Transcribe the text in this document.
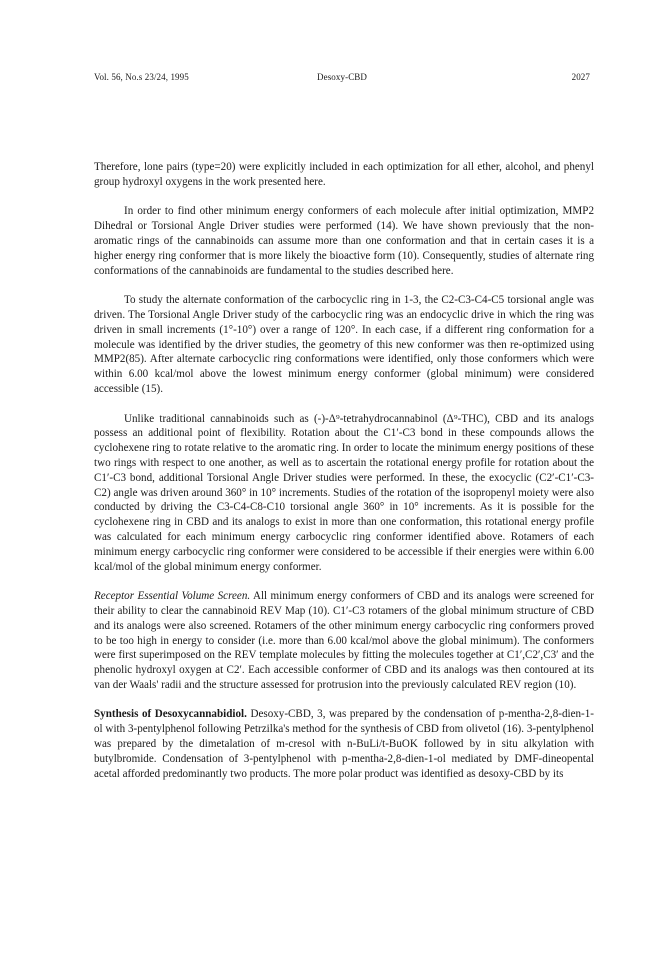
Vol. 56, No.s 23/24, 1995	Desoxy-CBD	2027

Therefore, lone pairs (type=20) were explicitly included in each optimization for all ether, alcohol, and phenyl group hydroxyl oxygens in the work presented here.

In order to find other minimum energy conformers of each molecule after initial optimization, MMP2 Dihedral or Torsional Angle Driver studies were performed (14). We have shown previously that the non-aromatic rings of the cannabinoids can assume more than one conformation and that in certain cases it is a higher energy ring conformer that is more likely the bioactive form (10). Consequently, studies of alternate ring conformations of the cannabinoids are fundamental to the studies described here.

To study the alternate conformation of the carbocyclic ring in 1-3, the C2-C3-C4-C5 torsional angle was driven. The Torsional Angle Driver study of the carbocyclic ring was an endocyclic drive in which the ring was driven in small increments (1°-10°) over a range of 120°. In each case, if a different ring conformation for a molecule was identified by the driver studies, the geometry of this new conformer was then re-optimized using MMP2(85). After alternate carbocyclic ring conformations were identified, only those conformers which were within 6.00 kcal/mol above the lowest minimum energy conformer (global minimum) were considered accessible (15).

Unlike traditional cannabinoids such as (-)-Δ⁹-tetrahydrocannabinol (Δ⁹-THC), CBD and its analogs possess an additional point of flexibility. Rotation about the C1′-C3 bond in these compounds allows the cyclohexene ring to rotate relative to the aromatic ring. In order to locate the minimum energy positions of these two rings with respect to one another, as well as to ascertain the rotational energy profile for rotation about the C1′-C3 bond, additional Torsional Angle Driver studies were performed. In these, the exocyclic (C2′-C1′-C3-C2) angle was driven around 360° in 10° increments. Studies of the rotation of the isopropenyl moiety were also conducted by driving the C3-C4-C8-C10 torsional angle 360° in 10° increments. As it is possible for the cyclohexene ring in CBD and its analogs to exist in more than one conformation, this rotational energy profile was calculated for each minimum energy carbocyclic ring conformer identified above. Rotamers of each minimum energy carbocyclic ring conformer were considered to be accessible if their energies were within 6.00 kcal/mol of the global minimum energy conformer.

Receptor Essential Volume Screen. All minimum energy conformers of CBD and its analogs were screened for their ability to clear the cannabinoid REV Map (10). C1′-C3 rotamers of the global minimum structure of CBD and its analogs were also screened. Rotamers of the other minimum energy carbocyclic ring conformers proved to be too high in energy to consider (i.e. more than 6.00 kcal/mol above the global minimum). The conformers were first superimposed on the REV template molecules by fitting the molecules together at C1′,C2′,C3′ and the phenolic hydroxyl oxygen at C2′. Each accessible conformer of CBD and its analogs was then contoured at its van der Waals' radii and the structure assessed for protrusion into the previously calculated REV region (10).

Synthesis of Desoxycannabidiol. Desoxy-CBD, 3, was prepared by the condensation of p-mentha-2,8-dien-1-ol with 3-pentylphenol following Petrzilka's method for the synthesis of CBD from olivetol (16). 3-pentylphenol was prepared by the dimetalation of m-cresol with n-BuLi/t-BuOK followed by in situ alkylation with butylbromide. Condensation of 3-pentylphenol with p-mentha-2,8-dien-1-ol mediated by DMF-dineopental acetal afforded predominantly two products. The more polar product was identified as desoxy-CBD by its
